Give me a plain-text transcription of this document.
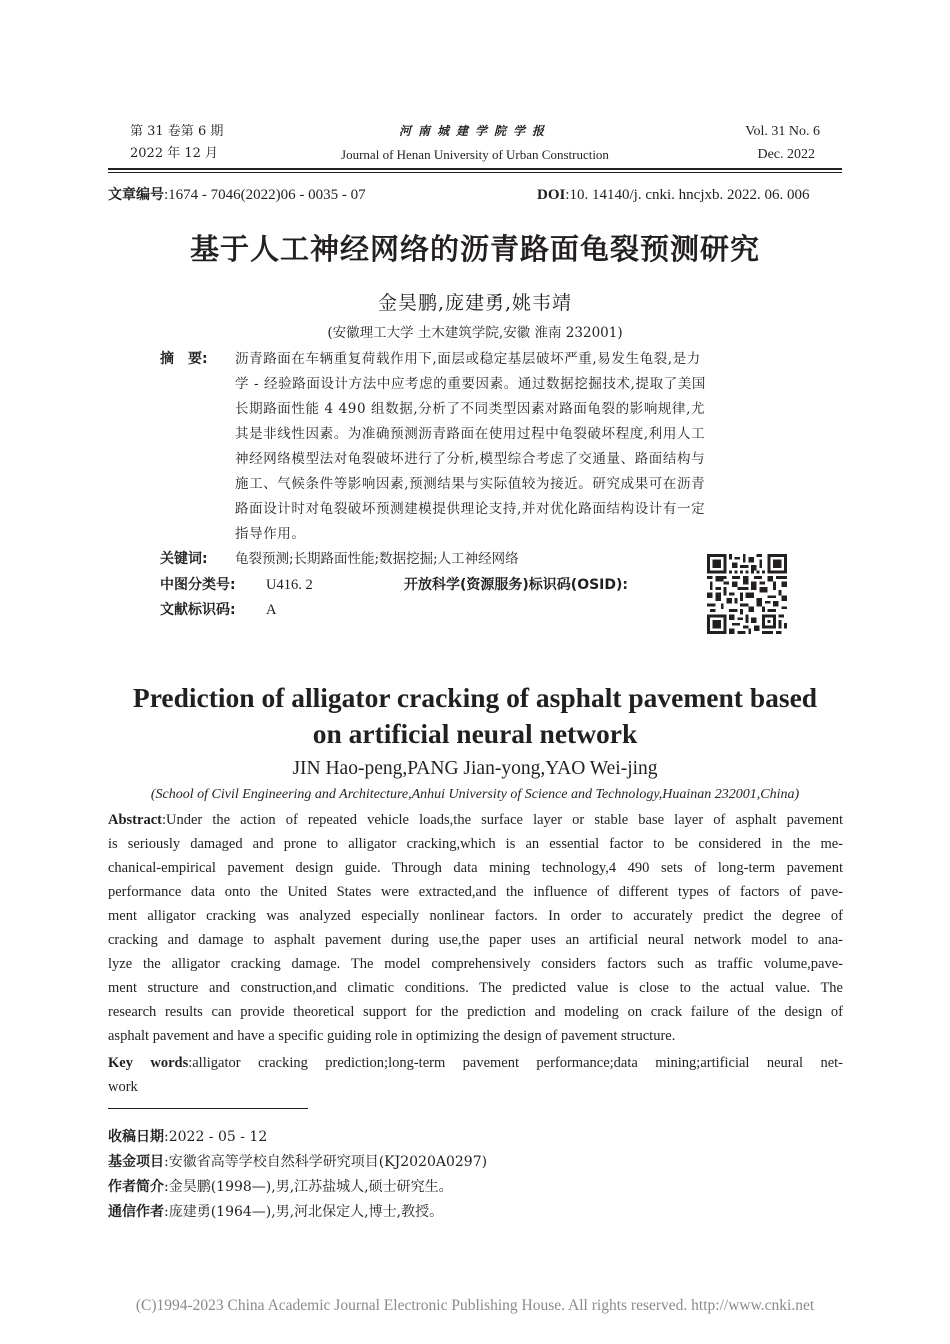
第 31 卷第 6 期
2022 年 12 月
河南城建学院学报
Journal of Henan University of Urban Construction
Vol. 31 No. 6
Dec. 2022
文章编号:1674 - 7046(2022)06 - 0035 - 07	DOI:10. 14140/j. cnki. hncjxb. 2022. 06. 006
基于人工神经网络的沥青路面龟裂预测研究
金昊鹏,庞建勇,姚韦靖
(安徽理工大学 土木建筑学院,安徽 淮南 232001)
摘　要: 沥青路面在车辆重复荷载作用下,面层或稳定基层破坏严重,易发生龟裂,是力
学 - 经验路面设计方法中应考虑的重要因素。通过数据挖掘技术,提取了美国
长期路面性能 4 490 组数据,分析了不同类型因素对路面龟裂的影响规律,尤
其是非线性因素。为准确预测沥青路面在使用过程中龟裂破坏程度,利用人工
神经网络模型法对龟裂破坏进行了分析,模型综合考虑了交通量、路面结构与
施工、气候条件等影响因素,预测结果与实际值较为接近。研究成果可在沥青
路面设计时对龟裂破坏预测建模提供理论支持,并对优化路面结构设计有一定
指导作用。
关键词: 龟裂预测;长期路面性能;数据挖掘;人工神经网络
中图分类号: U416. 2	开放科学(资源服务)标识码(OSID):
文献标识码: A
Prediction of alligator cracking of asphalt pavement based
on artificial neural network
JIN Hao-peng,PANG Jian-yong,YAO Wei-jing
(School of Civil Engineering and Architecture,Anhui University of Science and Technology,Huainan 232001,China)
Abstract:Under the action of repeated vehicle loads,the surface layer or stable base layer of asphalt pavement
is seriously damaged and prone to alligator cracking,which is an essential factor to be considered in the me-
chanical-empirical pavement design guide. Through data mining technology,4 490 sets of long-term pavement
performance data onto the United States were extracted,and the influence of different types of factors of pave-
ment alligator cracking was analyzed especially nonlinear factors. In order to accurately predict the degree of
cracking and damage to asphalt pavement during use,the paper uses an artificial neural network model to ana-
lyze the alligator cracking damage. The model comprehensively considers factors such as traffic volume,pave-
ment structure and construction,and climatic conditions. The predicted value is close to the actual value. The
research results can provide theoretical support for the prediction and modeling on crack failure of the design of
asphalt pavement and have a specific guiding role in optimizing the design of pavement structure.
Key words:alligator cracking prediction;long-term pavement performance;data mining;artificial neural net-
work
收稿日期:2022 - 05 - 12
基金项目:安徽省高等学校自然科学研究项目(KJ2020A0297)
作者简介:金昊鹏(1998—),男,江苏盐城人,硕士研究生。
通信作者:庞建勇(1964—),男,河北保定人,博士,教授。
(C)1994-2023 China Academic Journal Electronic Publishing House. All rights reserved. http://www.cnki.net
